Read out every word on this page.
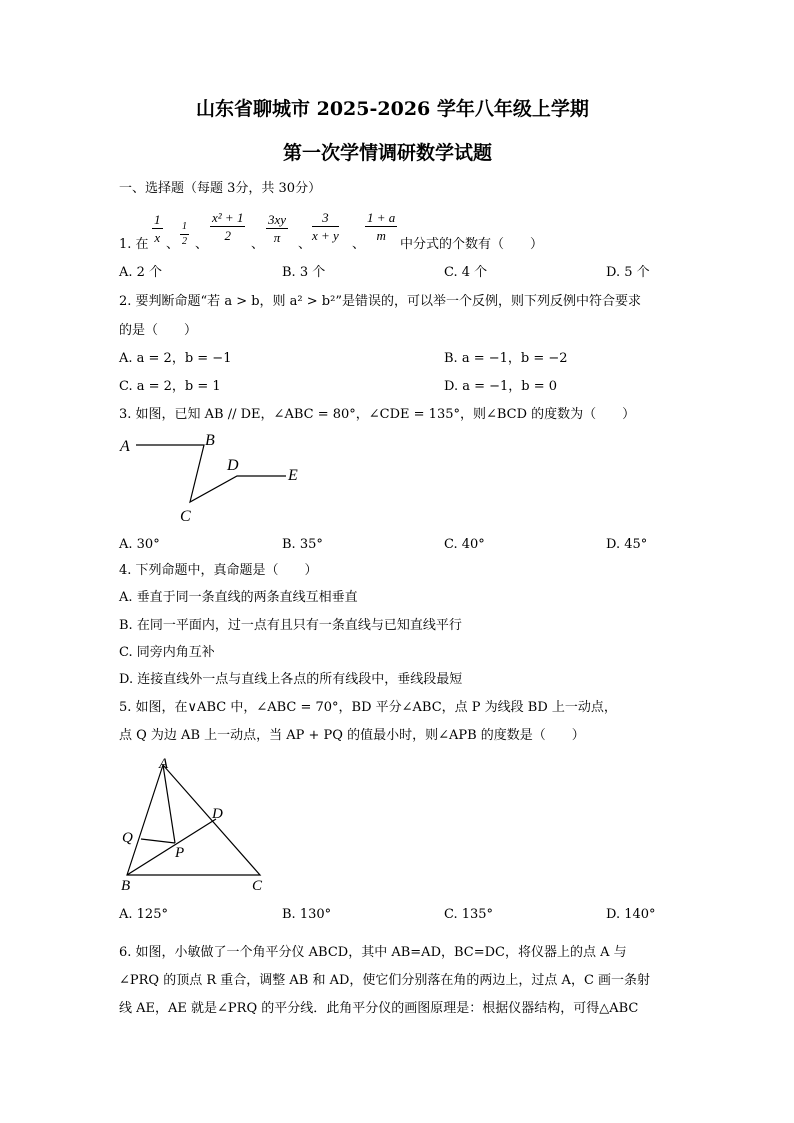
山东省聊城市 2025-2026 学年八年级上学期
第一次学情调研数学试题
一、选择题（每题 3分，共 30分）
1. 在
$\frac{1}{x}$
、 $\frac{1}{2}$ 、
$\frac{\text{x² + 1}}{2}$
、
$\frac{3xy}{\pi}$
、
$\frac{3}{x + y}$
、
$\frac{1 + a}{m}$
中分式的个数有（　　）
A. 2 个	B. 3 个	C. 4 个	D. 5 个
2. 要判断命题“若 a > b，则 a² > b²”是错误的，可以举一个反例，则下列反例中符合要求
的是（　　）
A. a = 2，b = −1	B. a = −1，b = −2
C. a = 2，b = 1	D. a = −1，b = 0
3. 如图，已知 AB // DE，∠ABC = 80°，∠CDE = 135°，则∠BCD 的度数为（　　）
A	B
C
D
E
A. 30°	B. 35°	C. 40°	D. 45°
4. 下列命题中，真命题是（　　）
A. 垂直于同一条直线的两条直线互相垂直
B. 在同一平面内，过一点有且只有一条直线与已知直线平行
C. 同旁内角互补
D. 连接直线外一点与直线上各点的所有线段中，垂线段最短
5. 如图，在∨ABC 中，∠ABC = 70°，BD 平分∠ABC，点 P 为线段 BD 上一动点，
点 Q 为边 AB 上一动点，当 AP + PQ 的值最小时，则∠APB 的度数是（　　）
A
B	C
D
P
Q
A. 125°	B. 130°	C. 135°	D. 140°
6. 如图，小敏做了一个角平分仪 ABCD，其中 AB=AD，BC=DC，将仪器上的点 A 与
∠PRQ 的顶点 R 重合，调整 AB 和 AD，使它们分别落在角的两边上，过点 A，C 画一条射
线 AE，AE 就是∠PRQ 的平分线．此角平分仪的画图原理是：根据仪器结构，可得△ABC
